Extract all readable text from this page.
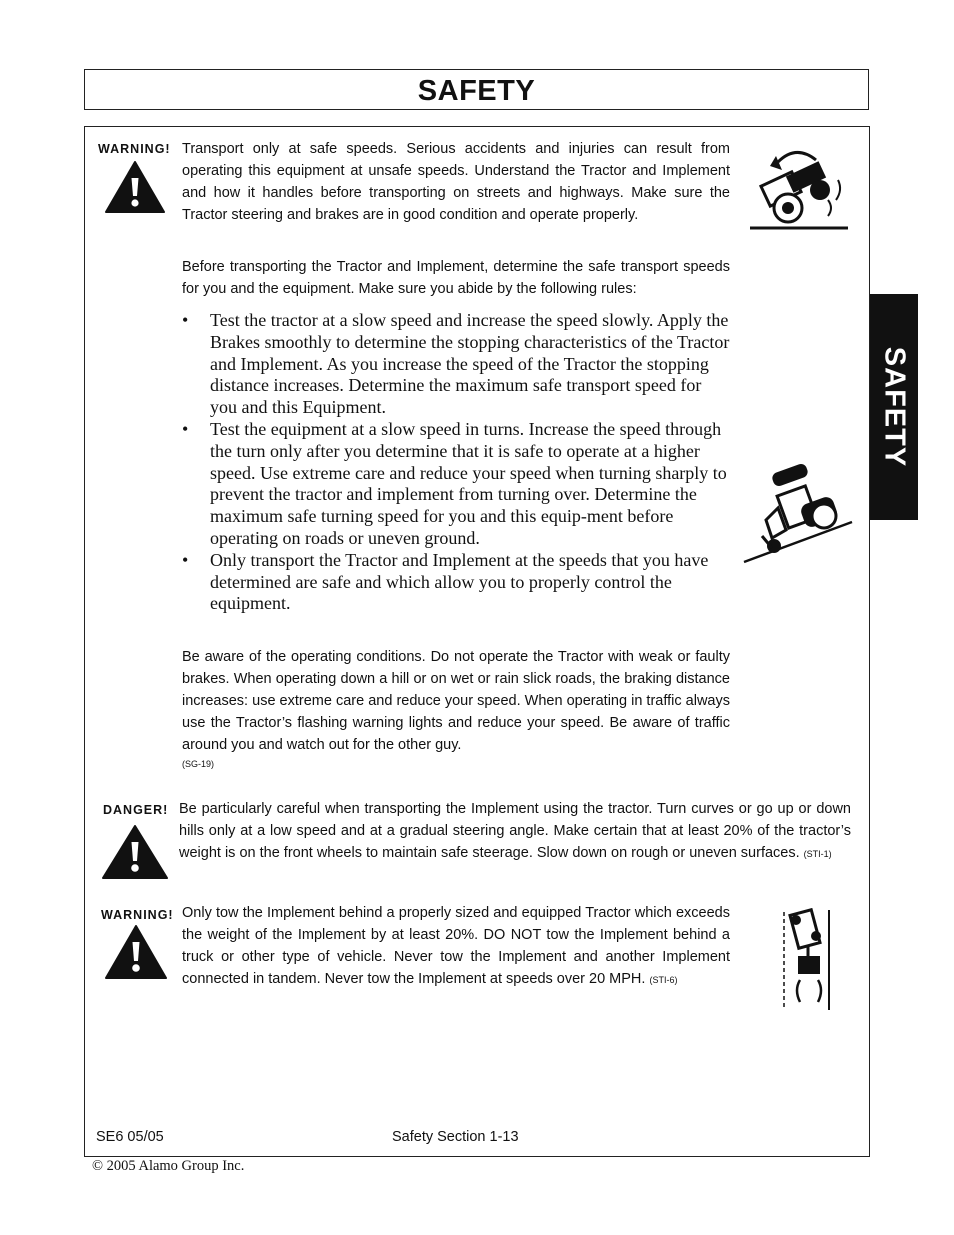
SAFETY
SAFETY
WARNING! Transport only at safe speeds. Serious accidents and injuries can result from operating this equipment at unsafe speeds. Understand the Tractor and Implement and how it handles before transporting on streets and highways. Make sure the Tractor steering and brakes are in good condition and operate properly.
Before transporting the Tractor and Implement, determine the safe transport speeds for you and the equipment. Make sure you abide by the following rules:
• Test the tractor at a slow speed and increase the speed slowly. Apply the Brakes smoothly to determine the stopping characteristics of the Tractor and Implement. As you increase the speed of the Tractor the stopping distance increases. Determine the maximum safe transport speed for you and this Equipment.
• Test the equipment at a slow speed in turns. Increase the speed through the turn only after you determine that it is safe to operate at a higher speed. Use extreme care and reduce your speed when turning sharply to prevent the tractor and implement from turning over. Determine the maximum safe turning speed for you and this equip-ment before operating on roads or uneven ground.
• Only transport the Tractor and Implement at the speeds that you have determined are safe and which allow you to properly control the equipment.
Be aware of the operating conditions. Do not operate the Tractor with weak or faulty brakes. When operating down a hill or on wet or rain slick roads, the braking distance increases: use extreme care and reduce your speed. When operating in traffic always use the Tractor’s flashing warning lights and reduce your speed. Be aware of traffic around you and watch out for the other guy.
(SG-19)
DANGER! Be particularly careful when transporting the Implement using the tractor. Turn curves or go up or down hills only at a low speed and at a gradual steering angle. Make certain that at least 20% of the tractor’s weight is on the front wheels to maintain safe steerage. Slow down on rough or uneven surfaces. (STI-1)
WARNING! Only tow the Implement behind a properly sized and equipped Tractor which exceeds the weight of the Implement by at least 20%. DO NOT tow the Implement behind a truck or other type of vehicle. Never tow the Implement and another Implement connected in tandem. Never tow the Implement at speeds over 20 MPH. (STI-6)
SE6 05/05	Safety Section 1-13
© 2005 Alamo Group Inc.
